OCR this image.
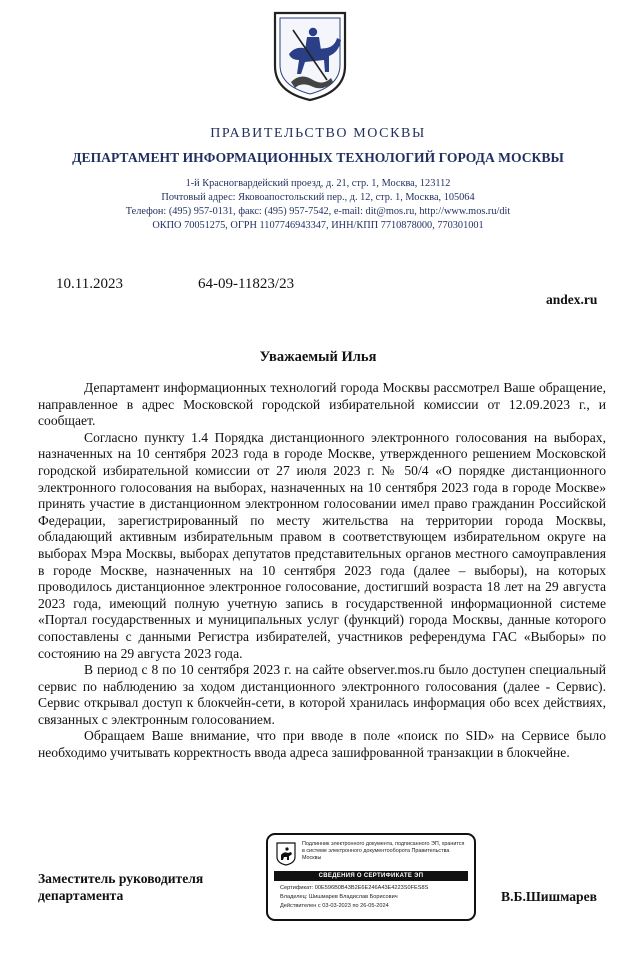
ПРАВИТЕЛЬСТВО МОСКВЫ
ДЕПАРТАМЕНТ ИНФОРМАЦИОННЫХ ТЕХНОЛОГИЙ ГОРОДА МОСКВЫ
1-й Красногвардейский проезд, д. 21, стр. 1, Москва, 123112
Почтовый адрес: Яковоапостольский пер., д. 12, стр. 1, Москва, 105064
Телефон: (495) 957-0131, факс: (495) 957-7542, e-mail: dit@mos.ru, http://www.mos.ru/dit
ОКПО 70051275, ОГРН 1107746943347, ИНН/КПП 7710878000, 770301001
10.11.2023	64-09-11823/23
andex.ru
Уважаемый Илья

Департамент информационных технологий города Москвы рассмотрел Ваше обращение, направленное в адрес Московской городской избирательной комиссии от 12.09.2023 г., и сообщает.

Согласно пункту 1.4 Порядка дистанционного электронного голосования на выборах, назначенных на 10 сентября 2023 года в городе Москве, утвержденного решением Московской городской избирательной комиссии от 27 июля 2023 г. № 50/4 «О порядке дистанционного электронного голосования на выборах, назначенных на 10 сентября 2023 года в городе Москве» принять участие в дистанционном электронном голосовании имел право гражданин Российской Федерации, зарегистрированный по месту жительства на территории города Москвы, обладающий активным избирательным правом в соответствующем избирательном округе на выборах Мэра Москвы, выборах депутатов представительных органов местного самоуправления в городе Москве, назначенных на 10 сентября 2023 года (далее – выборы), на которых проводилось дистанционное электронное голосование, достигший возраста 18 лет на 29 августа 2023 года, имеющий полную учетную запись в государственной информационной системе «Портал государственных и муниципальных услуг (функций) города Москвы, данные которого сопоставлены с данными Регистра избирателей, участников референдума ГАС «Выборы» по состоянию на 29 августа 2023 года.

В период с 8 по 10 сентября 2023 г. на сайте observer.mos.ru было доступен специальный сервис по наблюдению за ходом дистанционного электронного голосования (далее - Сервис). Сервис открывал доступ к блокчейн-сети, в которой хранилась информация обо всех действиях, связанных с электронным голосованием.

Обращаем Ваше внимание, что при вводе в поле «поиск по SID» на Сервисе было необходимо учитывать корректность ввода адреса зашифрованной транзакции в блокчейне.

Заместитель руководителя
департамента	В.Б.Шишмарев
Подлинник электронного документа, подписанного ЭП, хранится в системе электронного документооборота Правительства Москвы
СВЕДЕНИЯ О СЕРТИФИКАТЕ ЭП
Сертификат: 00E596B0B43B2E6E246A43E4223S0FES8S
Владелец: Шишмарев Владислав Борисович
Действителен с 03-03-2023 по 26-05-2024
